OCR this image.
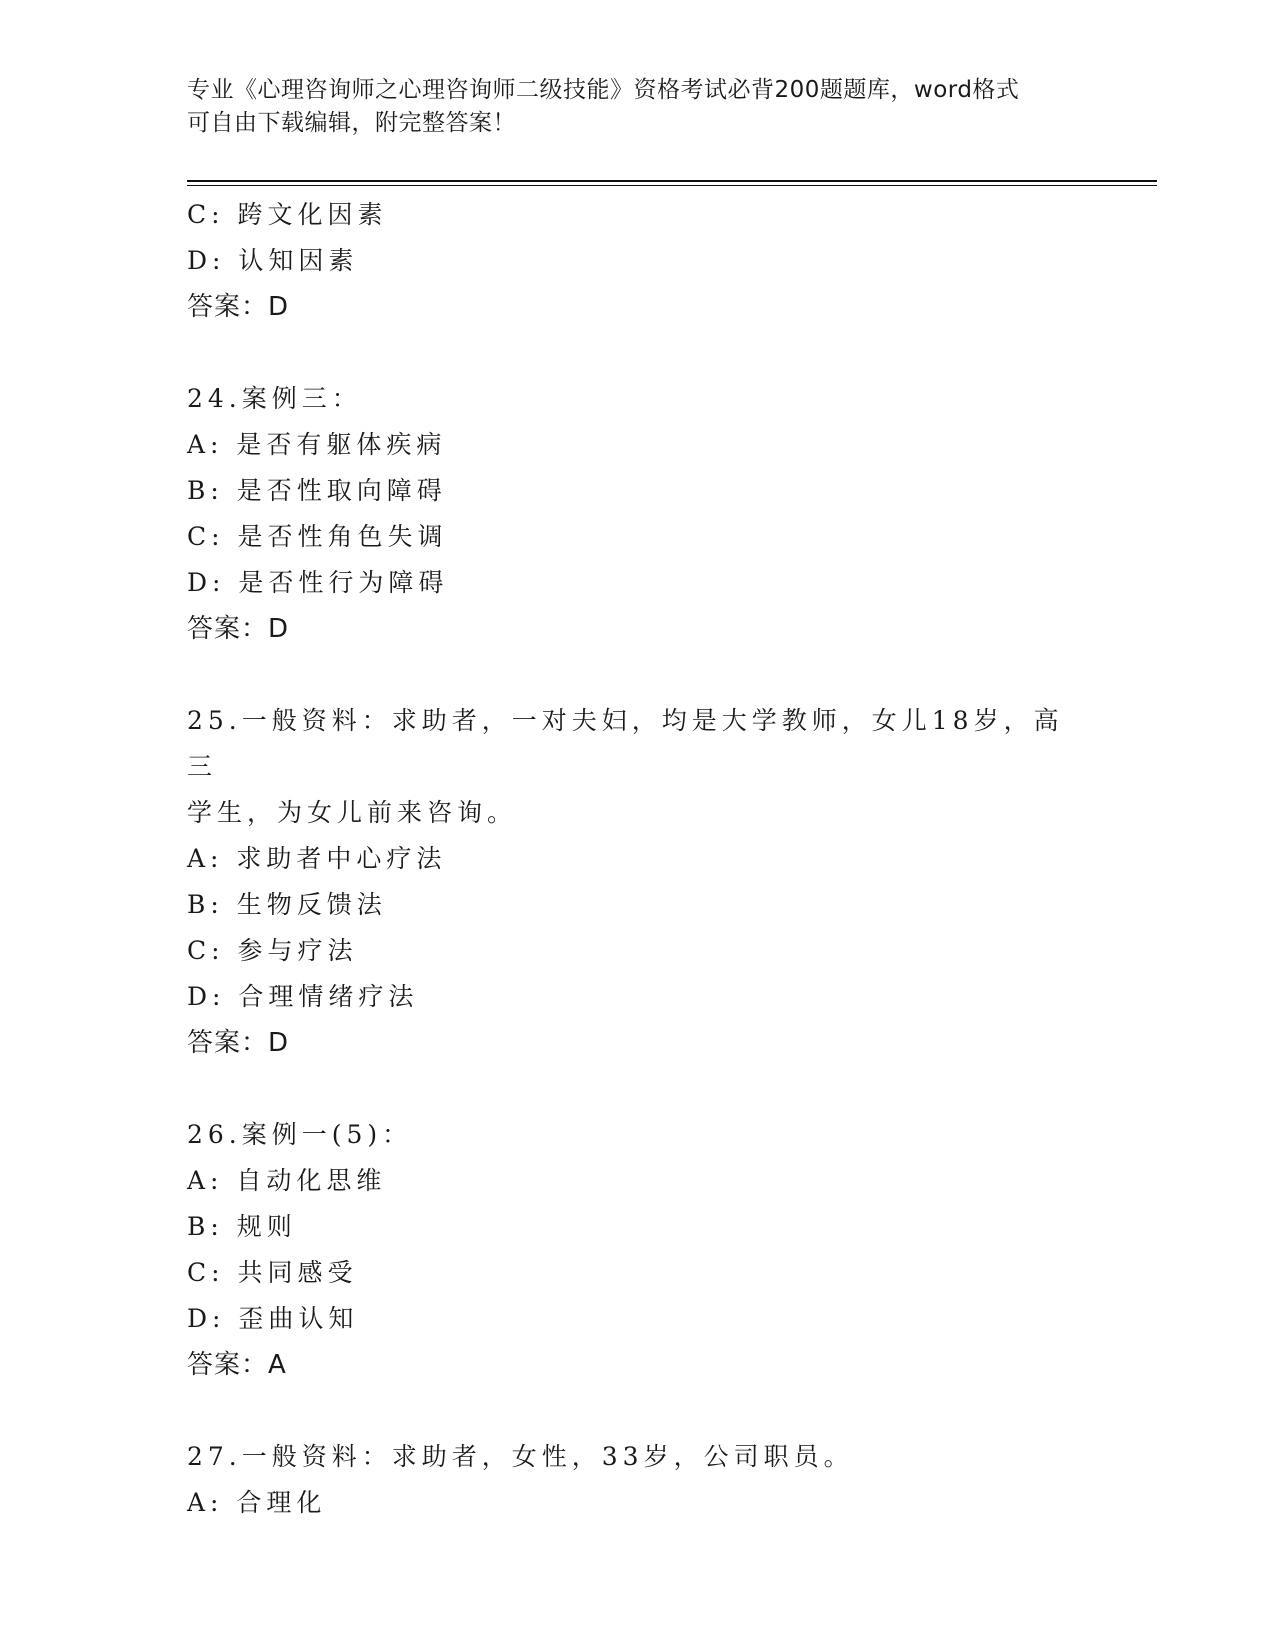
专业《心理咨询师之心理咨询师二级技能》资格考试必背200题题库，word格式
可自由下载编辑，附完整答案！
C: 跨文化因素
D: 认知因素
答案：D
24.案例三：
A: 是否有躯体疾病
B: 是否性取向障碍
C: 是否性角色失调
D: 是否性行为障碍
答案：D
25.一般资料：求助者，一对夫妇，均是大学教师，女儿18岁，高三
学生，为女儿前来咨询。
A: 求助者中心疗法
B: 生物反馈法
C: 参与疗法
D: 合理情绪疗法
答案：D
26.案例一(5)：
A: 自动化思维
B: 规则
C: 共同感受
D: 歪曲认知
答案：A
27.一般资料：求助者，女性，33岁，公司职员。
A: 合理化
